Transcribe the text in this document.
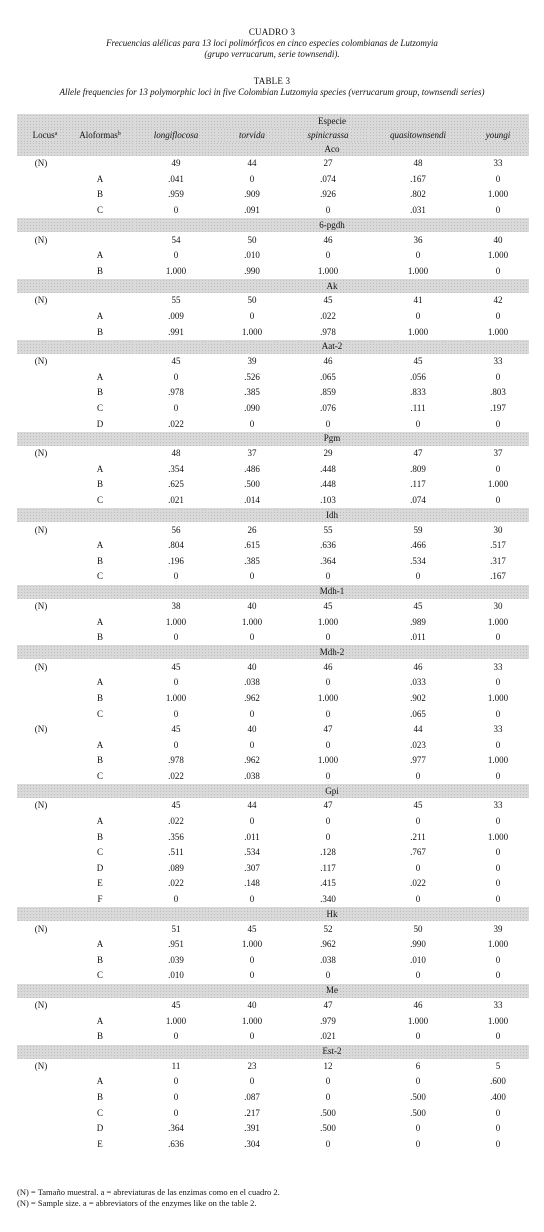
CUADRO 3
Frecuencias alélicas para 13 loci polimórficos en cinco especies colombianas de Lutzomyia
(grupo verrucarum, serie townsendi).
TABLE 3
Allele frequencies for 13 polymorphic loci in five Colombian Lutzomyia species (verrucarum group, townsendi series)
		Especie				
Locus$^a$	Aloformas$^b$	longiflocosa	torvida	spinicrassa	quasitownsendi	youngi
		Aco				
(N)		49	44	27	48	33
	A	.041	0	.074	.167	0
	B	.959	.909	.926	.802	1.000
	C	0	.091	0	.031	0
		6-pgdh				
(N)		54	50	46	36	40
	A	0	.010	0	0	1.000
	B	1.000	.990	1.000	1.000	0
		Ak				
(N)		55	50	45	41	42
	A	.009	0	.022	0	0
	B	.991	1.000	.978	1.000	1.000
		Aat-2				
(N)		45	39	46	45	33
	A	0	.526	.065	.056	0
	B	.978	.385	.859	.833	.803
	C	0	.090	.076	.111	.197
	D	.022	0	0	0	0
		Pgm				
(N)		48	37	29	47	37
	A	.354	.486	.448	.809	0
	B	.625	.500	.448	.117	1.000
	C	.021	.014	.103	.074	0
		Idh				
(N)		56	26	55	59	30
	A	.804	.615	.636	.466	.517
	B	.196	.385	.364	.534	.317
	C	0	0	0	0	.167
		Mdh-1				
(N)		38	40	45	45	30
	A	1.000	1.000	1.000	.989	1.000
	B	0	0	0	.011	0
		Mdh-2				
(N)		45	40	46	46	33
	A	0	.038	0	.033	0
	B	1.000	.962	1.000	.902	1.000
	C	0	0	0	.065	0
(N)		45	40	47	44	33
	A	0	0	0	.023	0
	B	.978	.962	1.000	.977	1.000
	C	.022	.038	0	0	0
		Gpi				
(N)		45	44	47	45	33
	A	.022	0	0	0	0
	B	.356	.011	0	.211	1.000
	C	.511	.534	.128	.767	0
	D	.089	.307	.117	0	0
	E	.022	.148	.415	.022	0
	F	0	0	.340	0	0
		Hk				
(N)		51	45	52	50	39
	A	.951	1.000	.962	.990	1.000
	B	.039	0	.038	.010	0
	C	.010	0	0	0	0
		Me				
(N)		45	40	47	46	33
	A	1.000	1.000	.979	1.000	1.000
	B	0	0	.021	0	0
		Est-2				
(N)		11	23	12	6	5
	A	0	0	0	0	.600
	B	0	.087	0	.500	.400
	C	0	.217	.500	.500	0
	D	.364	.391	.500	0	0
	E	.636	.304	0	0	0
(N) = Tamaño muestral. a = abreviaturas de las enzimas como en el cuadro 2.
(N) = Sample size. a = abbreviators of the enzymes like on the table 2.
